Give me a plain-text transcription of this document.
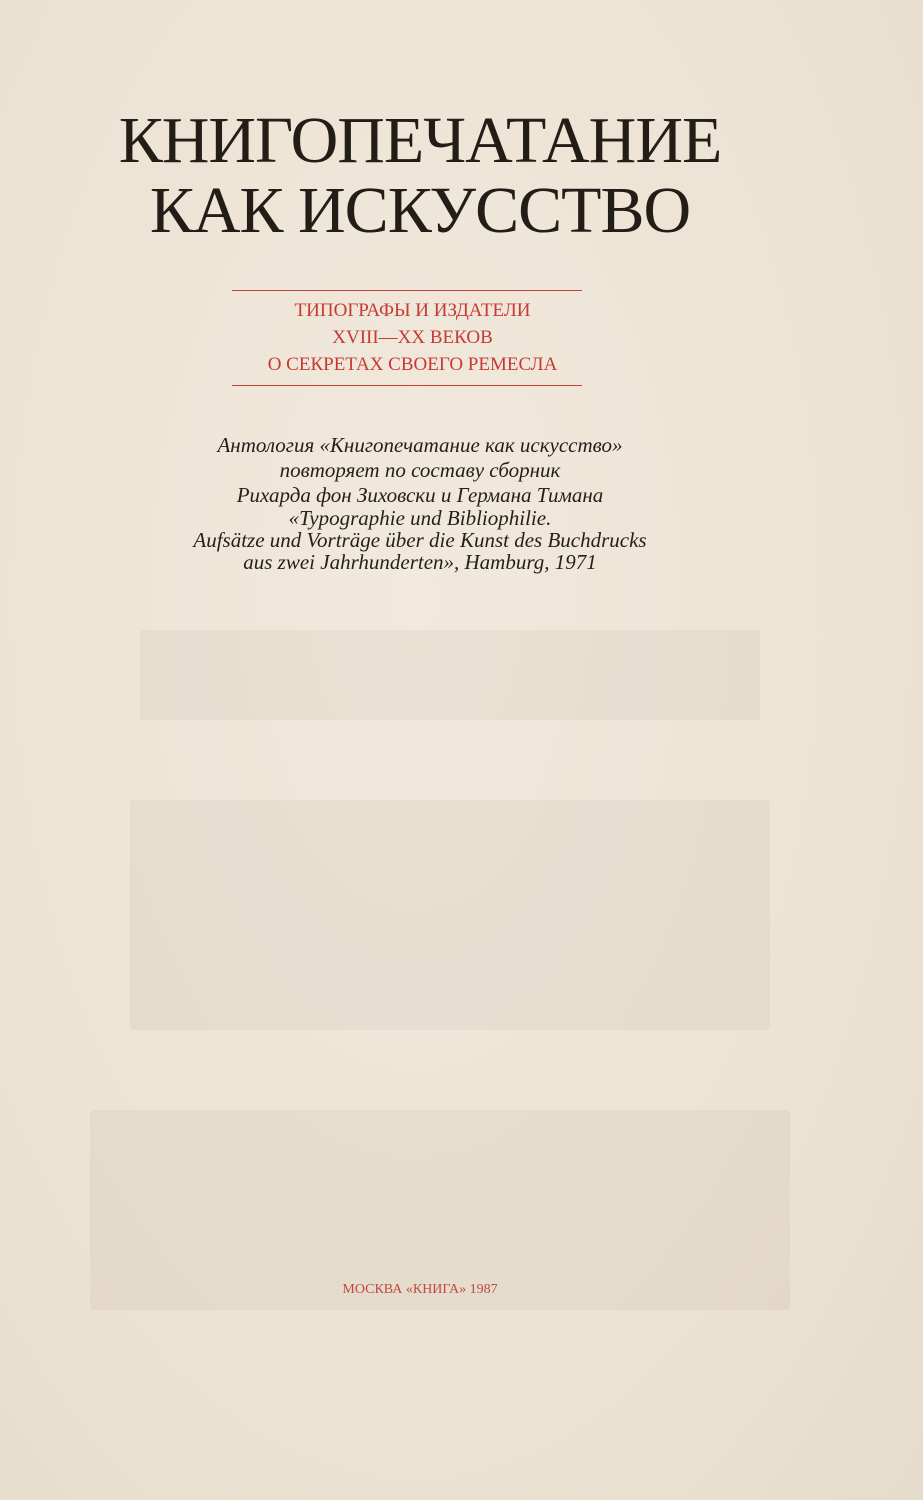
КНИГОПЕЧАТАНИЕ
КАК ИСКУССТВО
ТИПОГРАФЫ И ИЗДАТЕЛИ
XVIII—XX ВЕКОВ
О СЕКРЕТАХ СВОЕГО РЕМЕСЛА
Антология «Книгопечатание как искусство»
повторяет по составу сборник
Рихарда фон Зиховски и Германа Тимана
«Typographie und Bibliophilie.
Aufsätze und Vorträge über die Kunst des Buchdrucks
aus zwei Jahrhunderten», Hamburg, 1971
МОСКВА «КНИГА» 1987
